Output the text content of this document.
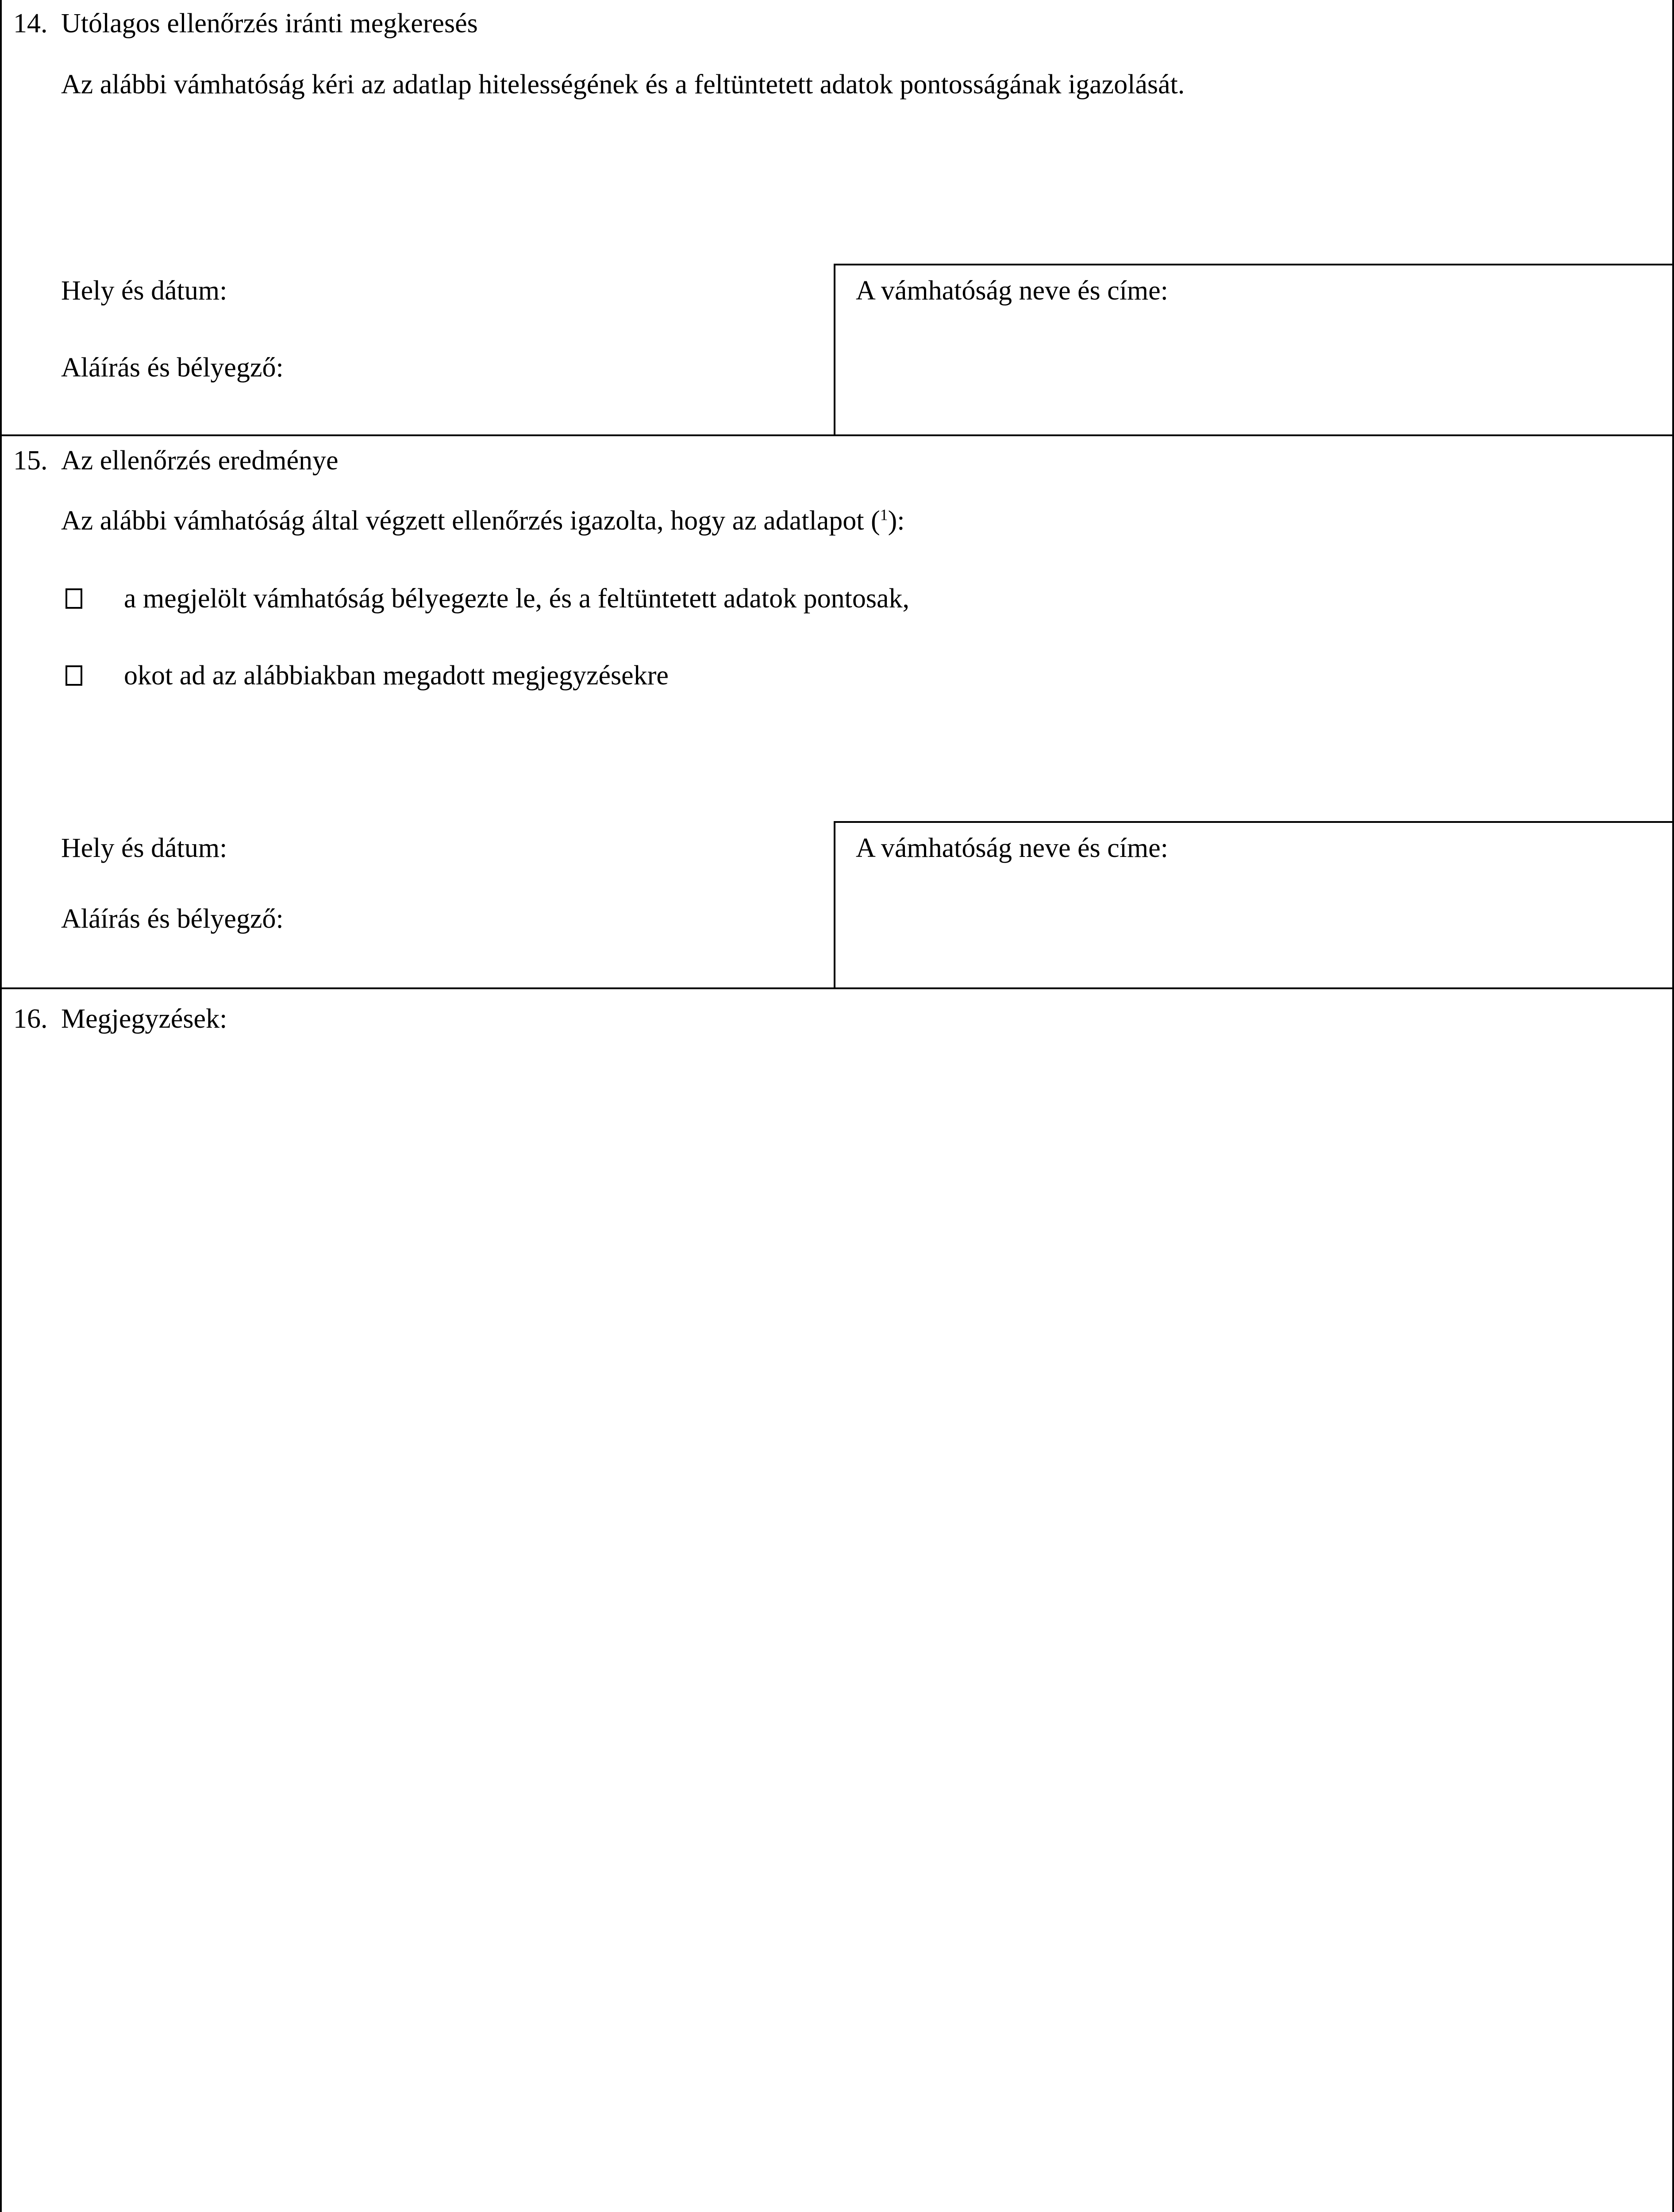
14. Utólagos ellenőrzés iránti megkeresés
Az alábbi vámhatóság kéri az adatlap hitelességének és a feltüntetett adatok pontosságának igazolását.
Hely és dátum:
Aláírás és bélyegző:
A vámhatóság neve és címe:
15. Az ellenőrzés eredménye
Az alábbi vámhatóság által végzett ellenőrzés igazolta, hogy az adatlapot ($^1$):
a megjelölt vámhatóság bélyegezte le, és a feltüntetett adatok pontosak,
okot ad az alábbiakban megadott megjegyzésekre
Hely és dátum:
Aláírás és bélyegző:
A vámhatóság neve és címe:
16. Megjegyzések:
